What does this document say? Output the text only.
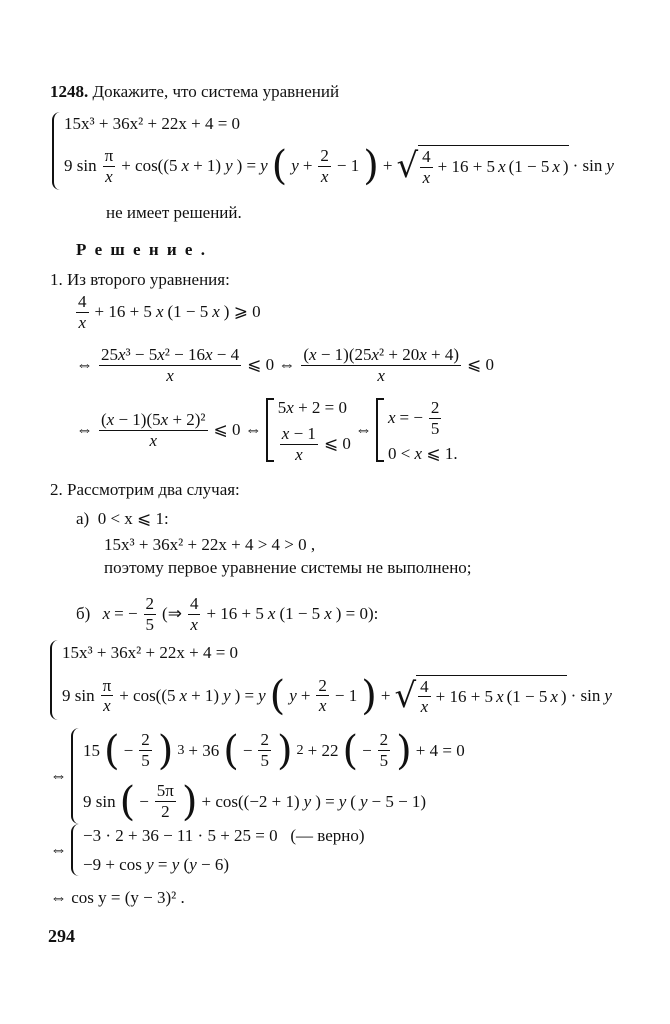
1248. Докажите, что система уравнений
15x³ + 36x² + 22x + 4 = 0
9 $\sin \frac{\pi}{x} + \cos((5$ x + 1) y ) = y ( $y + \frac{2}{x} - 1$ ) + √ $\frac{4}{x} + 16 + 5$ x (1 − 5 x ) · sin y
не имеет решений.
Р е ш е н и е .
1. Из второго уравнения:
$\frac{4}{x} + 16 + 5$ x (1 − 5 x ) ⩾ 0
⇔ $\frac{\text{25x³ − 5x² − 16x − 4}}{x}$ ⩽ 0 ⇔ $\frac{\text{(x − 1)(25x² + 20x + 4)}}{x}$ ⩽ 0
⇔ $\frac{\text{(x − 1)(5x + 2)²}}{x}$ ⩽ 0 ⇔
5x + 2 = 0
$\frac{x - 1}{x}$ ⩽ 0
⇔
x = − $\frac{2}{5}$
0 < x ⩽ 1.
2. Рассмотрим два случая:
а) 0 < x ⩽ 1:
15x³ + 36x² + 22x + 4 > 4 > 0 ,
поэтому первое уравнение системы не выполнено;
б)
x = − $\frac{2}{5}$ (⇒ $\frac{4}{x} + 16 + 5$ x (1 − 5 x ) = 0):
15x³ + 36x² + 22x + 4 = 0
9 $\sin \frac{\pi}{x} + \cos((5$ x + 1) y ) = y ( $y + \frac{2}{x} - 1$ ) + √ $\frac{4}{x} + 16 + 5$ x (1 − 5 x ) · sin y
⇔
15 ( − $\frac{2}{5}$ ) 3 + 36 ( − $\frac{2}{5}$ ) 2 + 22 ( − $\frac{2}{5}$ ) + 4 = 0
9 sin ( − $\frac{5\pi}{2}$ ) + cos((−2 + 1) y ) = y ( y − 5 − 1)
⇔
−3 · 2 + 36 − 11 · 5 + 25 = 0   (— верно)
−9 + cos y = y (y − 6)
⇔ cos y = (y − 3)² .
294
